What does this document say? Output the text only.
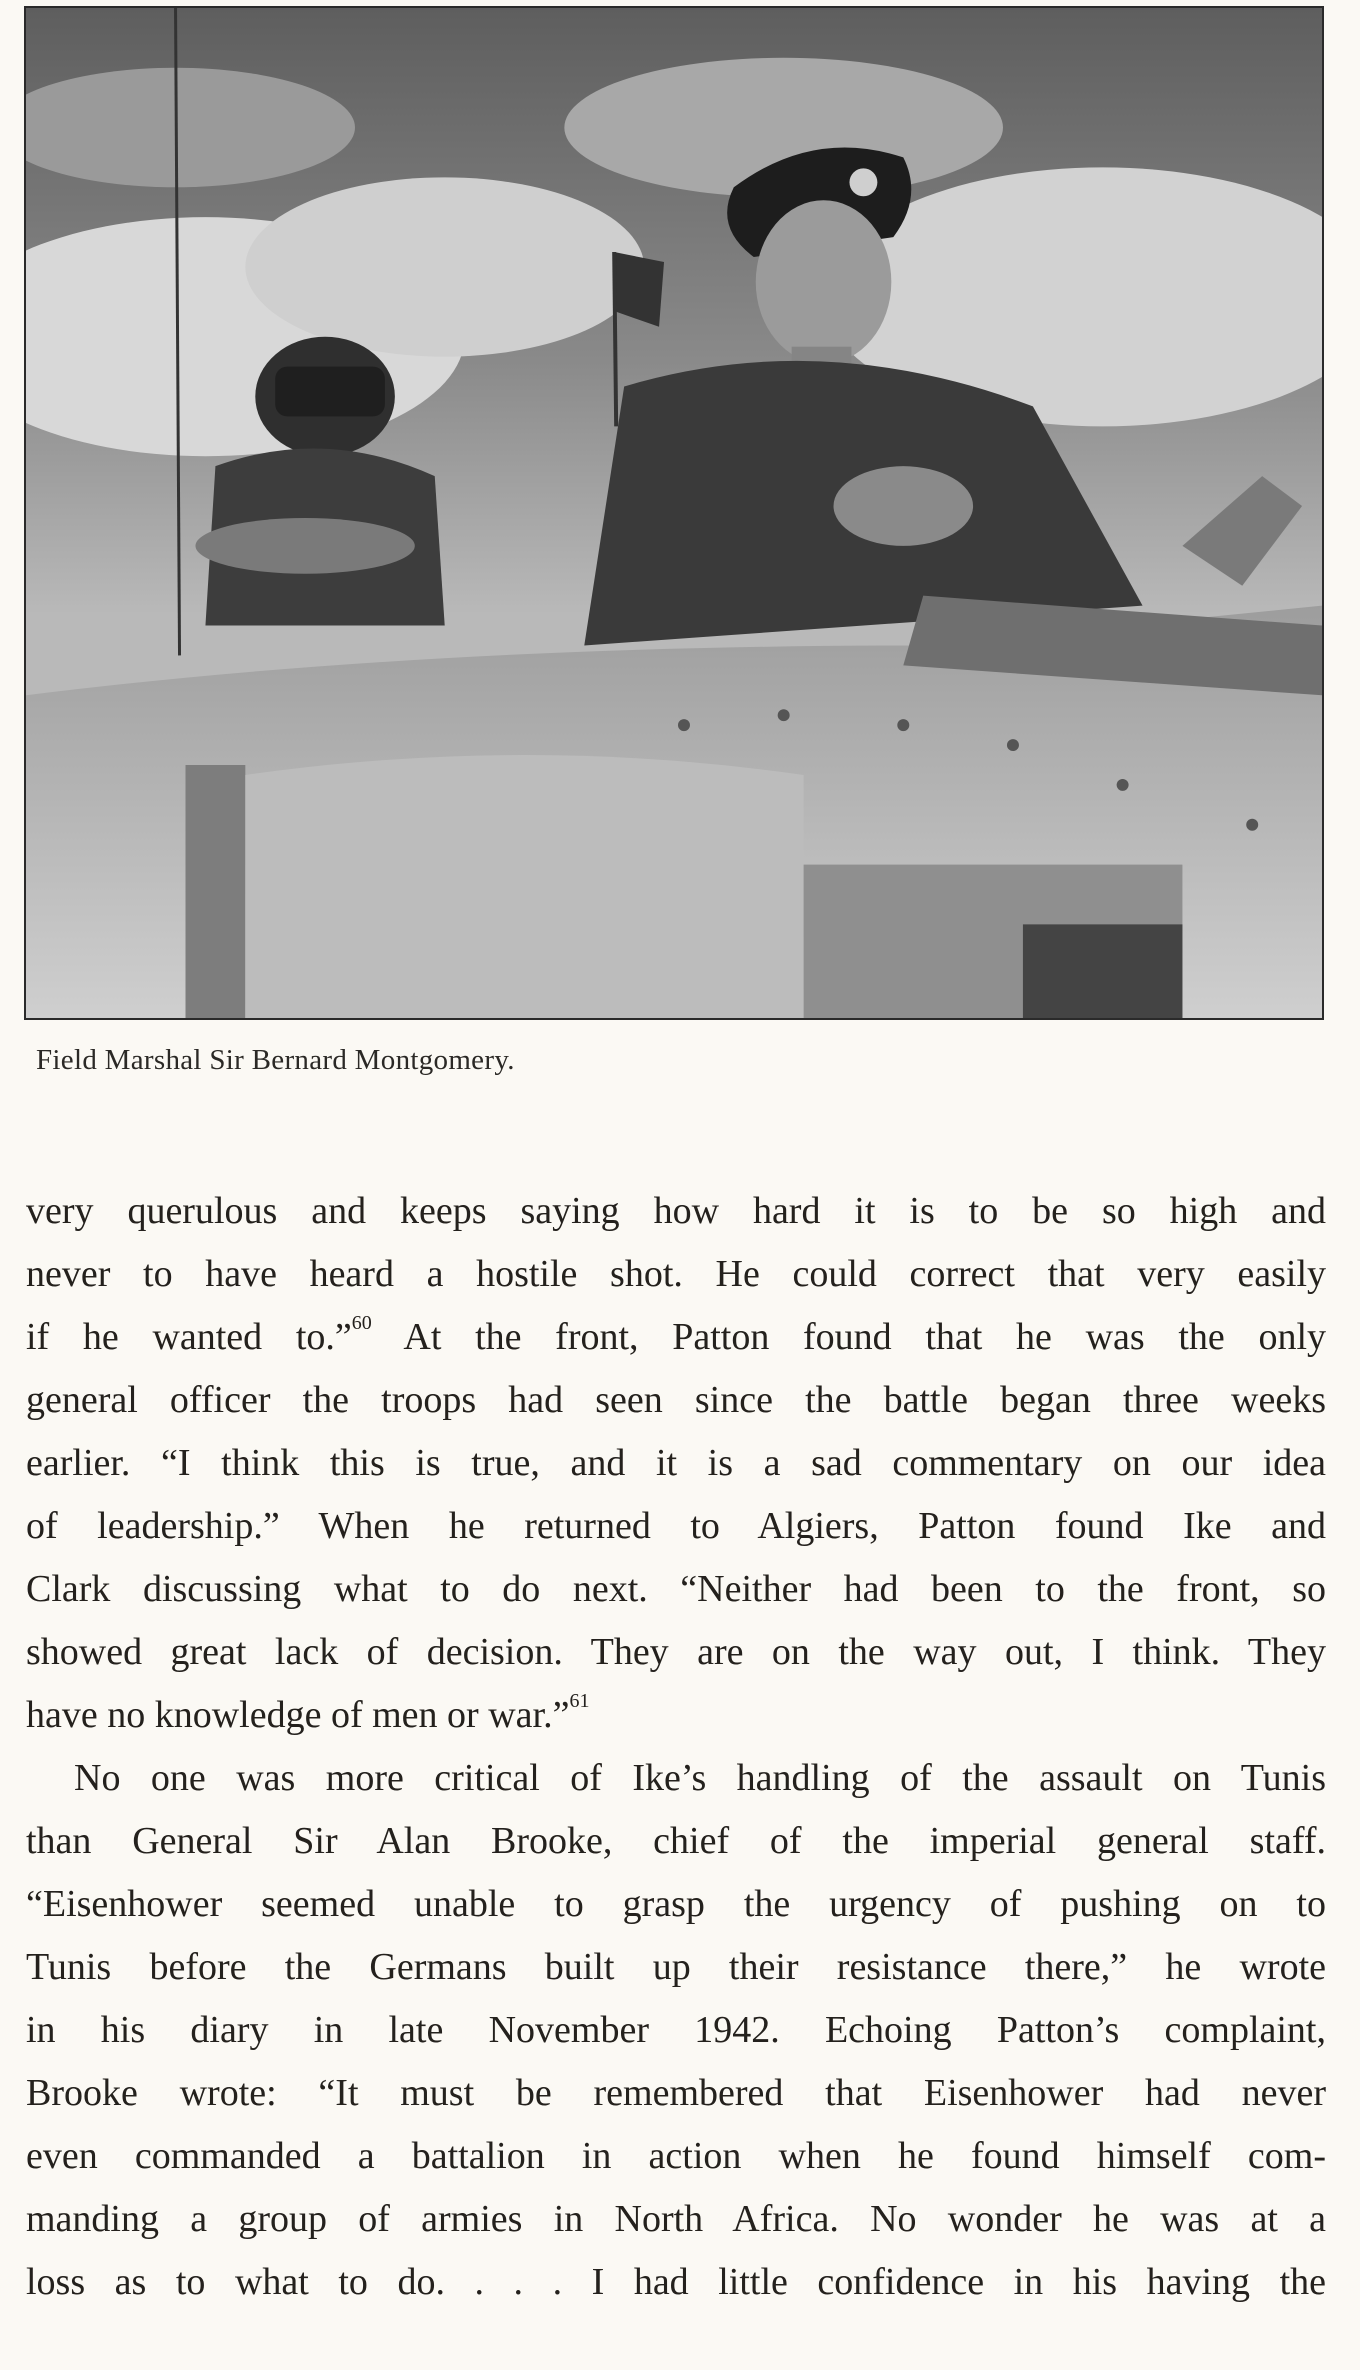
Field Marshal Sir Bernard Montgomery.
very querulous and keeps saying how hard it is to be so high and
never to have heard a hostile shot. He could correct that very easily
if he wanted to.”$^{60}$ At the front, Patton found that he was the only
general officer the troops had seen since the battle began three weeks
earlier. “I think this is true, and it is a sad commentary on our idea
of leadership.” When he returned to Algiers, Patton found Ike and
Clark discussing what to do next. “Neither had been to the front, so
showed great lack of decision. They are on the way out, I think. They
have no knowledge of men or war.”$^{61}$
No one was more critical of Ike’s handling of the assault on Tunis
than General Sir Alan Brooke, chief of the imperial general staff.
“Eisenhower seemed unable to grasp the urgency of pushing on to
Tunis before the Germans built up their resistance there,” he wrote
in his diary in late November 1942. Echoing Patton’s complaint,
Brooke wrote: “It must be remembered that Eisenhower had never
even commanded a battalion in action when he found himself com-
manding a group of armies in North Africa. No wonder he was at a
loss as to what to do. . . . I had little confidence in his having the
